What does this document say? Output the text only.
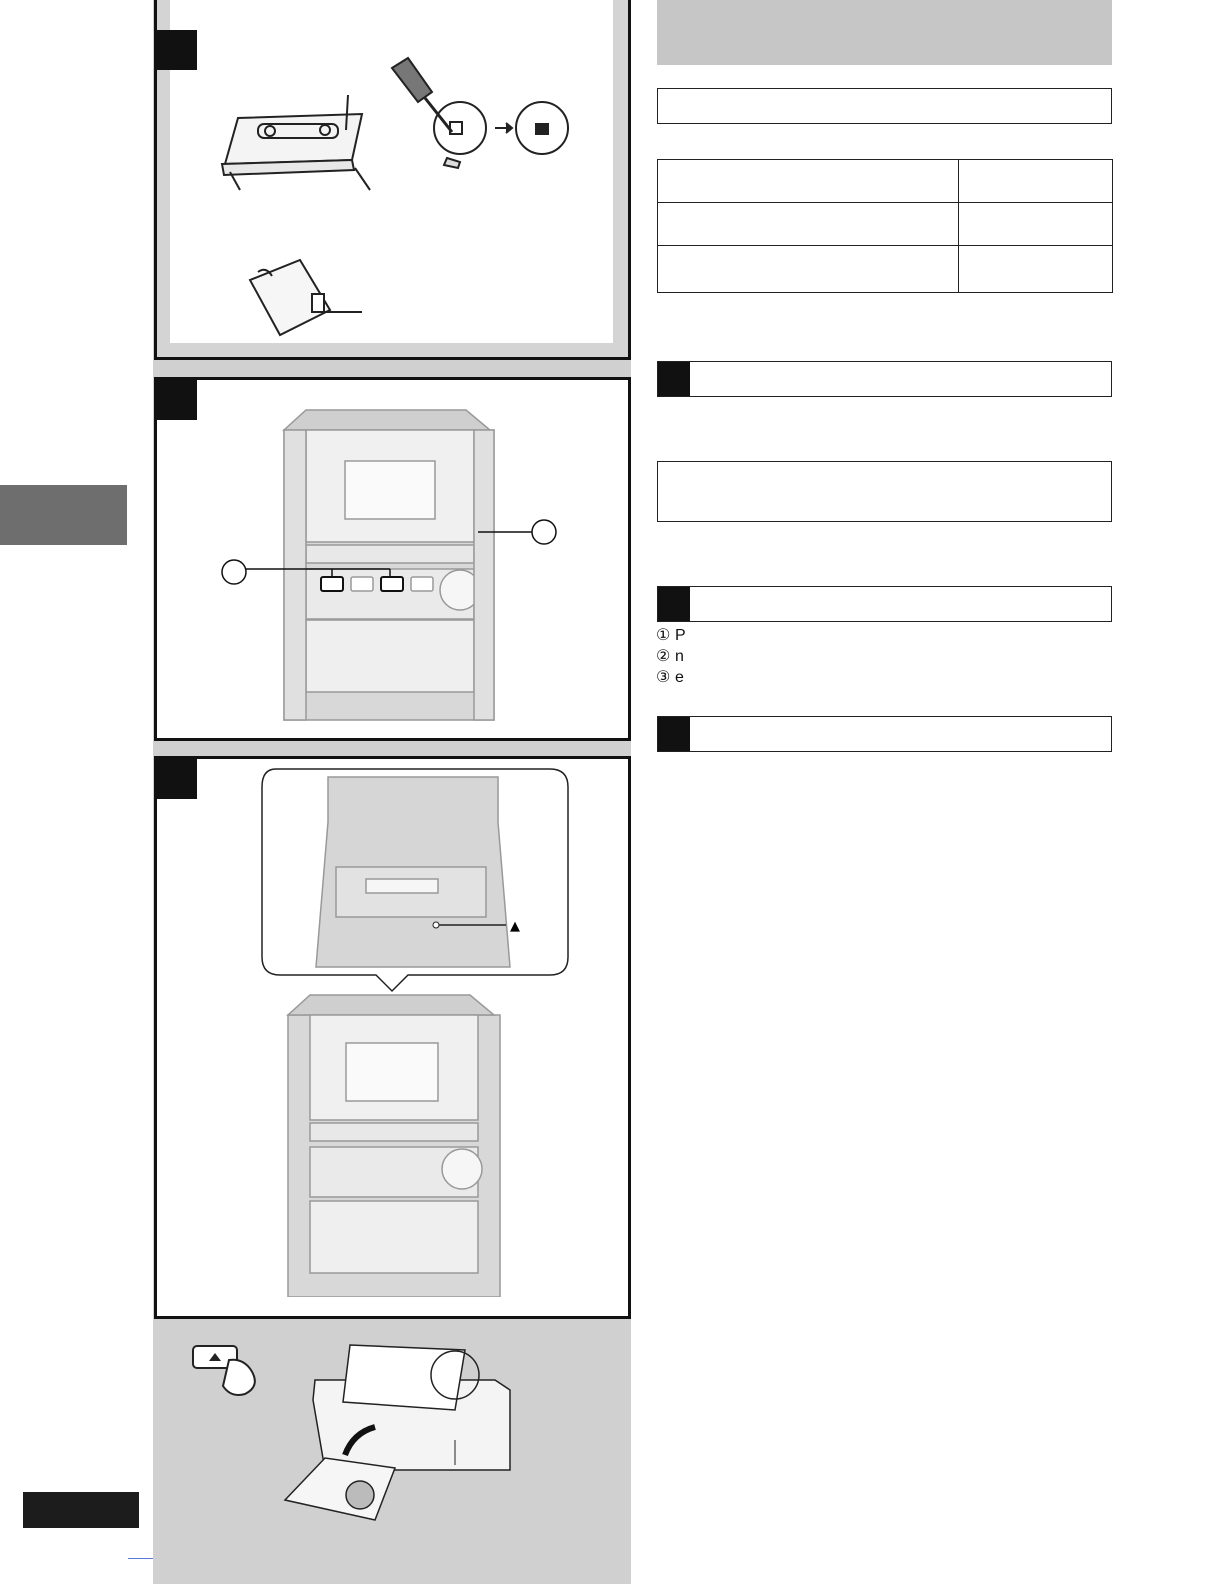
▲

① P
② n
③ e
